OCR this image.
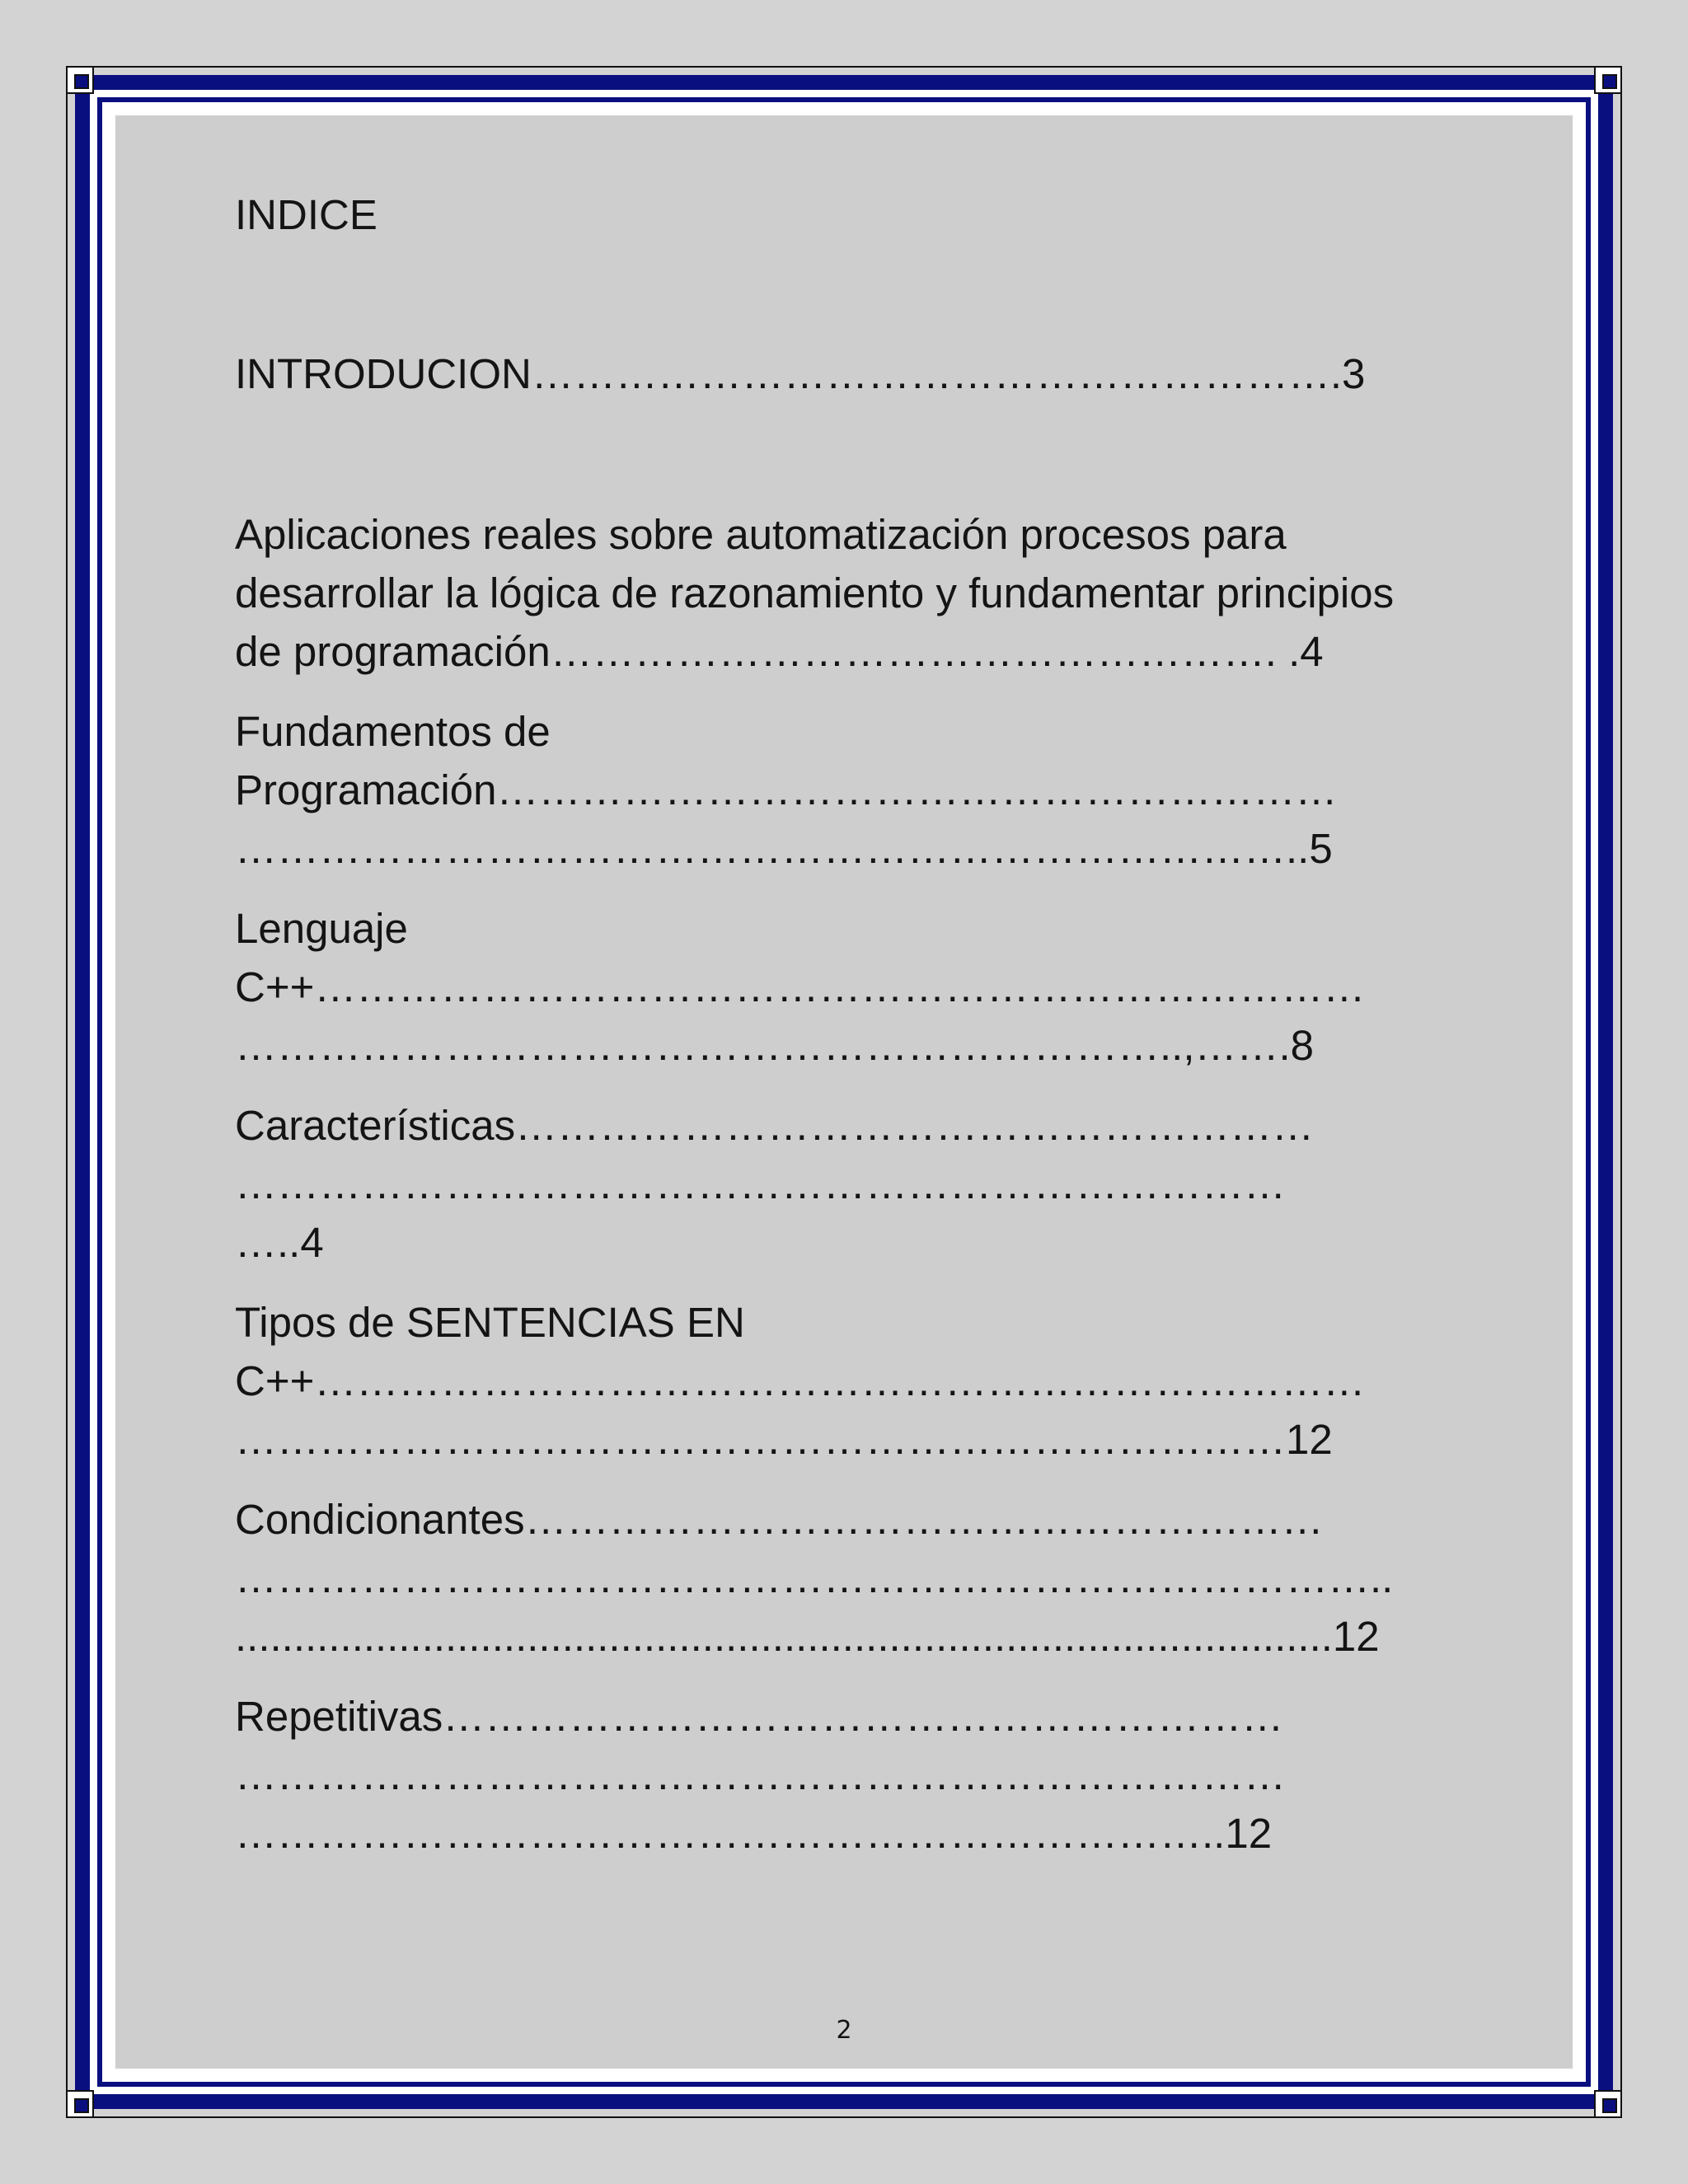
INDICE

INTRODUCION………………………………………………….3

Aplicaciones reales sobre automatización procesos para
desarrollar la lógica de razonamiento y fundamentar principios
de programación……………………………………………. .4

Fundamentos de
Programación……………………………………………………
…………………………………………………………………..5

Lenguaje
C++…………………………………………………………………
…………………………………………………………..,…….8

Características…………………………………………………
…………………………………………………………………
…..4

Tipos de SENTENCIAS EN
C++…………………………………………………………………
…………………………………………………………………12

Condicionantes…………………………………………………
………………………………………………………………………..
..............................................................................................12

Repetitivas……………………………………………………
…………………………………………………………………
……………………………………………………………..12

2
